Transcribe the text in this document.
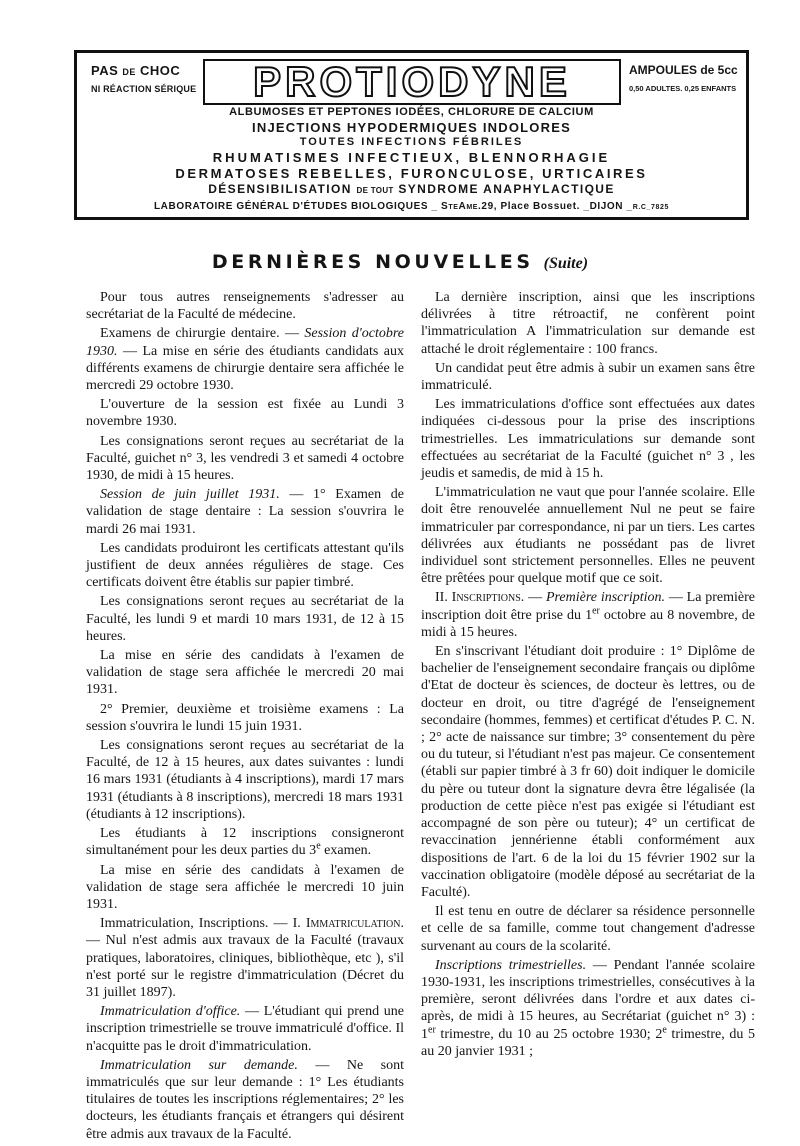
PAS DE CHOC
NI RÉACTION SÉRIQUE	PROTIODYNE	AMPOULES de 5cc
0,50 ADULTES. 0,25 ENFANTS
ALBUMOSES ET PEPTONES IODÉES, CHLORURE DE CALCIUM
INJECTIONS HYPODERMIQUES INDOLORES
TOUTES INFECTIONS FÉBRILES
RHUMATISMES INFECTIEUX, BLENNORHAGIE
DERMATOSES REBELLES, FURONCULOSE, URTICAIRES
DÉSENSIBILISATION DE TOUT SYNDROME ANAPHYLACTIQUE
LABORATOIRE GÉNÉRAL D'ÉTUDES BIOLOGIQUES _ STEAME.29, Place Bossuet. _DIJON _R.C_7825
DERNIÈRES NOUVELLES (Suite)

Pour tous autres renseignements s'adresser au secrétariat de la Faculté de médecine.

Examens de chirurgie dentaire. — Session d'octobre 1930. — La mise en série des étudiants candidats aux différents examens de chirurgie dentaire sera affichée le mercredi 29 octobre 1930.

L'ouverture de la session est fixée au Lundi 3 novembre 1930.

Les consignations seront reçues au secrétariat de la Faculté, guichet n° 3, les vendredi 3 et samedi 4 octobre 1930, de midi à 15 heures.

Session de juin juillet 1931. — 1° Examen de validation de stage dentaire : La session s'ouvrira le mardi 26 mai 1931.

Les candidats produiront les certificats attestant qu'ils justifient de deux années régulières de stage. Ces certificats doivent être établis sur papier timbré.

Les consignations seront reçues au secrétariat de la Faculté, les lundi 9 et mardi 10 mars 1931, de 12 à 15 heures.

La mise en série des candidats à l'examen de validation de stage sera affichée le mercredi 20 mai 1931.

2° Premier, deuxième et troisième examens : La session s'ouvrira le lundi 15 juin 1931.

Les consignations seront reçues au secrétariat de la Faculté, de 12 à 15 heures, aux dates suivantes : lundi 16 mars 1931 (étudiants à 4 inscriptions), mardi 17 mars 1931 (étudiants à 8 inscriptions), mercredi 18 mars 1931 (étudiants à 12 inscriptions).

Les étudiants à 12 inscriptions consigneront simultanément pour les deux parties du 3e examen.

La mise en série des candidats à l'examen de validation de stage sera affichée le mercredi 10 juin 1931.

Immatriculation, Inscriptions. — I. Immatriculation. — Nul n'est admis aux travaux de la Faculté (travaux pratiques, laboratoires, cliniques, bibliothèque, etc ), s'il n'est porté sur le registre d'immatriculation (Décret du 31 juillet 1897).

Immatriculation d'office. — L'étudiant qui prend une inscription trimestrielle se trouve immatriculé d'office. Il n'acquitte pas le droit d'immatriculation.

Immatriculation sur demande. — Ne sont immatriculés que sur leur demande : 1° Les étudiants titulaires de toutes les inscriptions réglementaires; 2° les docteurs, les étudiants français et étrangers qui désirent être admis aux travaux de la Faculté.

La dernière inscription, ainsi que les inscriptions délivrées à titre rétroactif, ne confèrent point l'immatriculation A l'immatriculation sur demande est attaché le droit réglementaire : 100 francs.

Un candidat peut être admis à subir un examen sans être immatriculé.

Les immatriculations d'office sont effectuées aux dates indiquées ci-dessous pour la prise des inscriptions trimestrielles. Les immatriculations sur demande sont effectuées au secrétariat de la Faculté (guichet n° 3 , les jeudis et samedis, de mid à 15 h.

L'immatriculation ne vaut que pour l'année scolaire. Elle doit être renouvelée annuellement Nul ne peut se faire immatriculer par correspondance, ni par un tiers. Les cartes délivrées aux étudiants ne possédant pas de livret individuel sont strictement personnelles. Elles ne peuvent être prêtées pour quelque motif que ce soit.

II. Inscriptions. — Première inscription. — La première inscription doit être prise du 1er octobre au 8 novembre, de midi à 15 heures.

En s'inscrivant l'étudiant doit produire : 1° Diplôme de bachelier de l'enseignement secondaire français ou diplôme d'Etat de docteur ès sciences, de docteur ès lettres, ou de docteur en droit, ou titre d'agrégé de l'enseignement secondaire (hommes, femmes) et certificat d'études P. C. N. ; 2° acte de naissance sur timbre; 3° consentement du père ou du tuteur, si l'étudiant n'est pas majeur. Ce consentement (établi sur papier timbré à 3 fr 60) doit indiquer le domicile du père ou tuteur dont la signature devra être légalisée (la production de cette pièce n'est pas exigée si l'étudiant est accompagné de son père ou tuteur); 4° un certificat de revaccination jennérienne établi conformément aux dispositions de l'art. 6 de la loi du 15 février 1902 sur la vaccination obligatoire (modèle déposé au secrétariat de la Faculté).

Il est tenu en outre de déclarer sa résidence personnelle et celle de sa famille, comme tout changement d'adresse survenant au cours de la scolarité.

Inscriptions trimestrielles. — Pendant l'année scolaire 1930-1931, les inscriptions trimestrielles, consécutives à la première, seront délivrées dans l'ordre et aux dates ci-après, de midi à 15 heures, au Secrétariat (guichet n° 3) : 1er trimestre, du 10 au 25 octobre 1930; 2e trimestre, du 5 au 20 janvier 1931 ;
